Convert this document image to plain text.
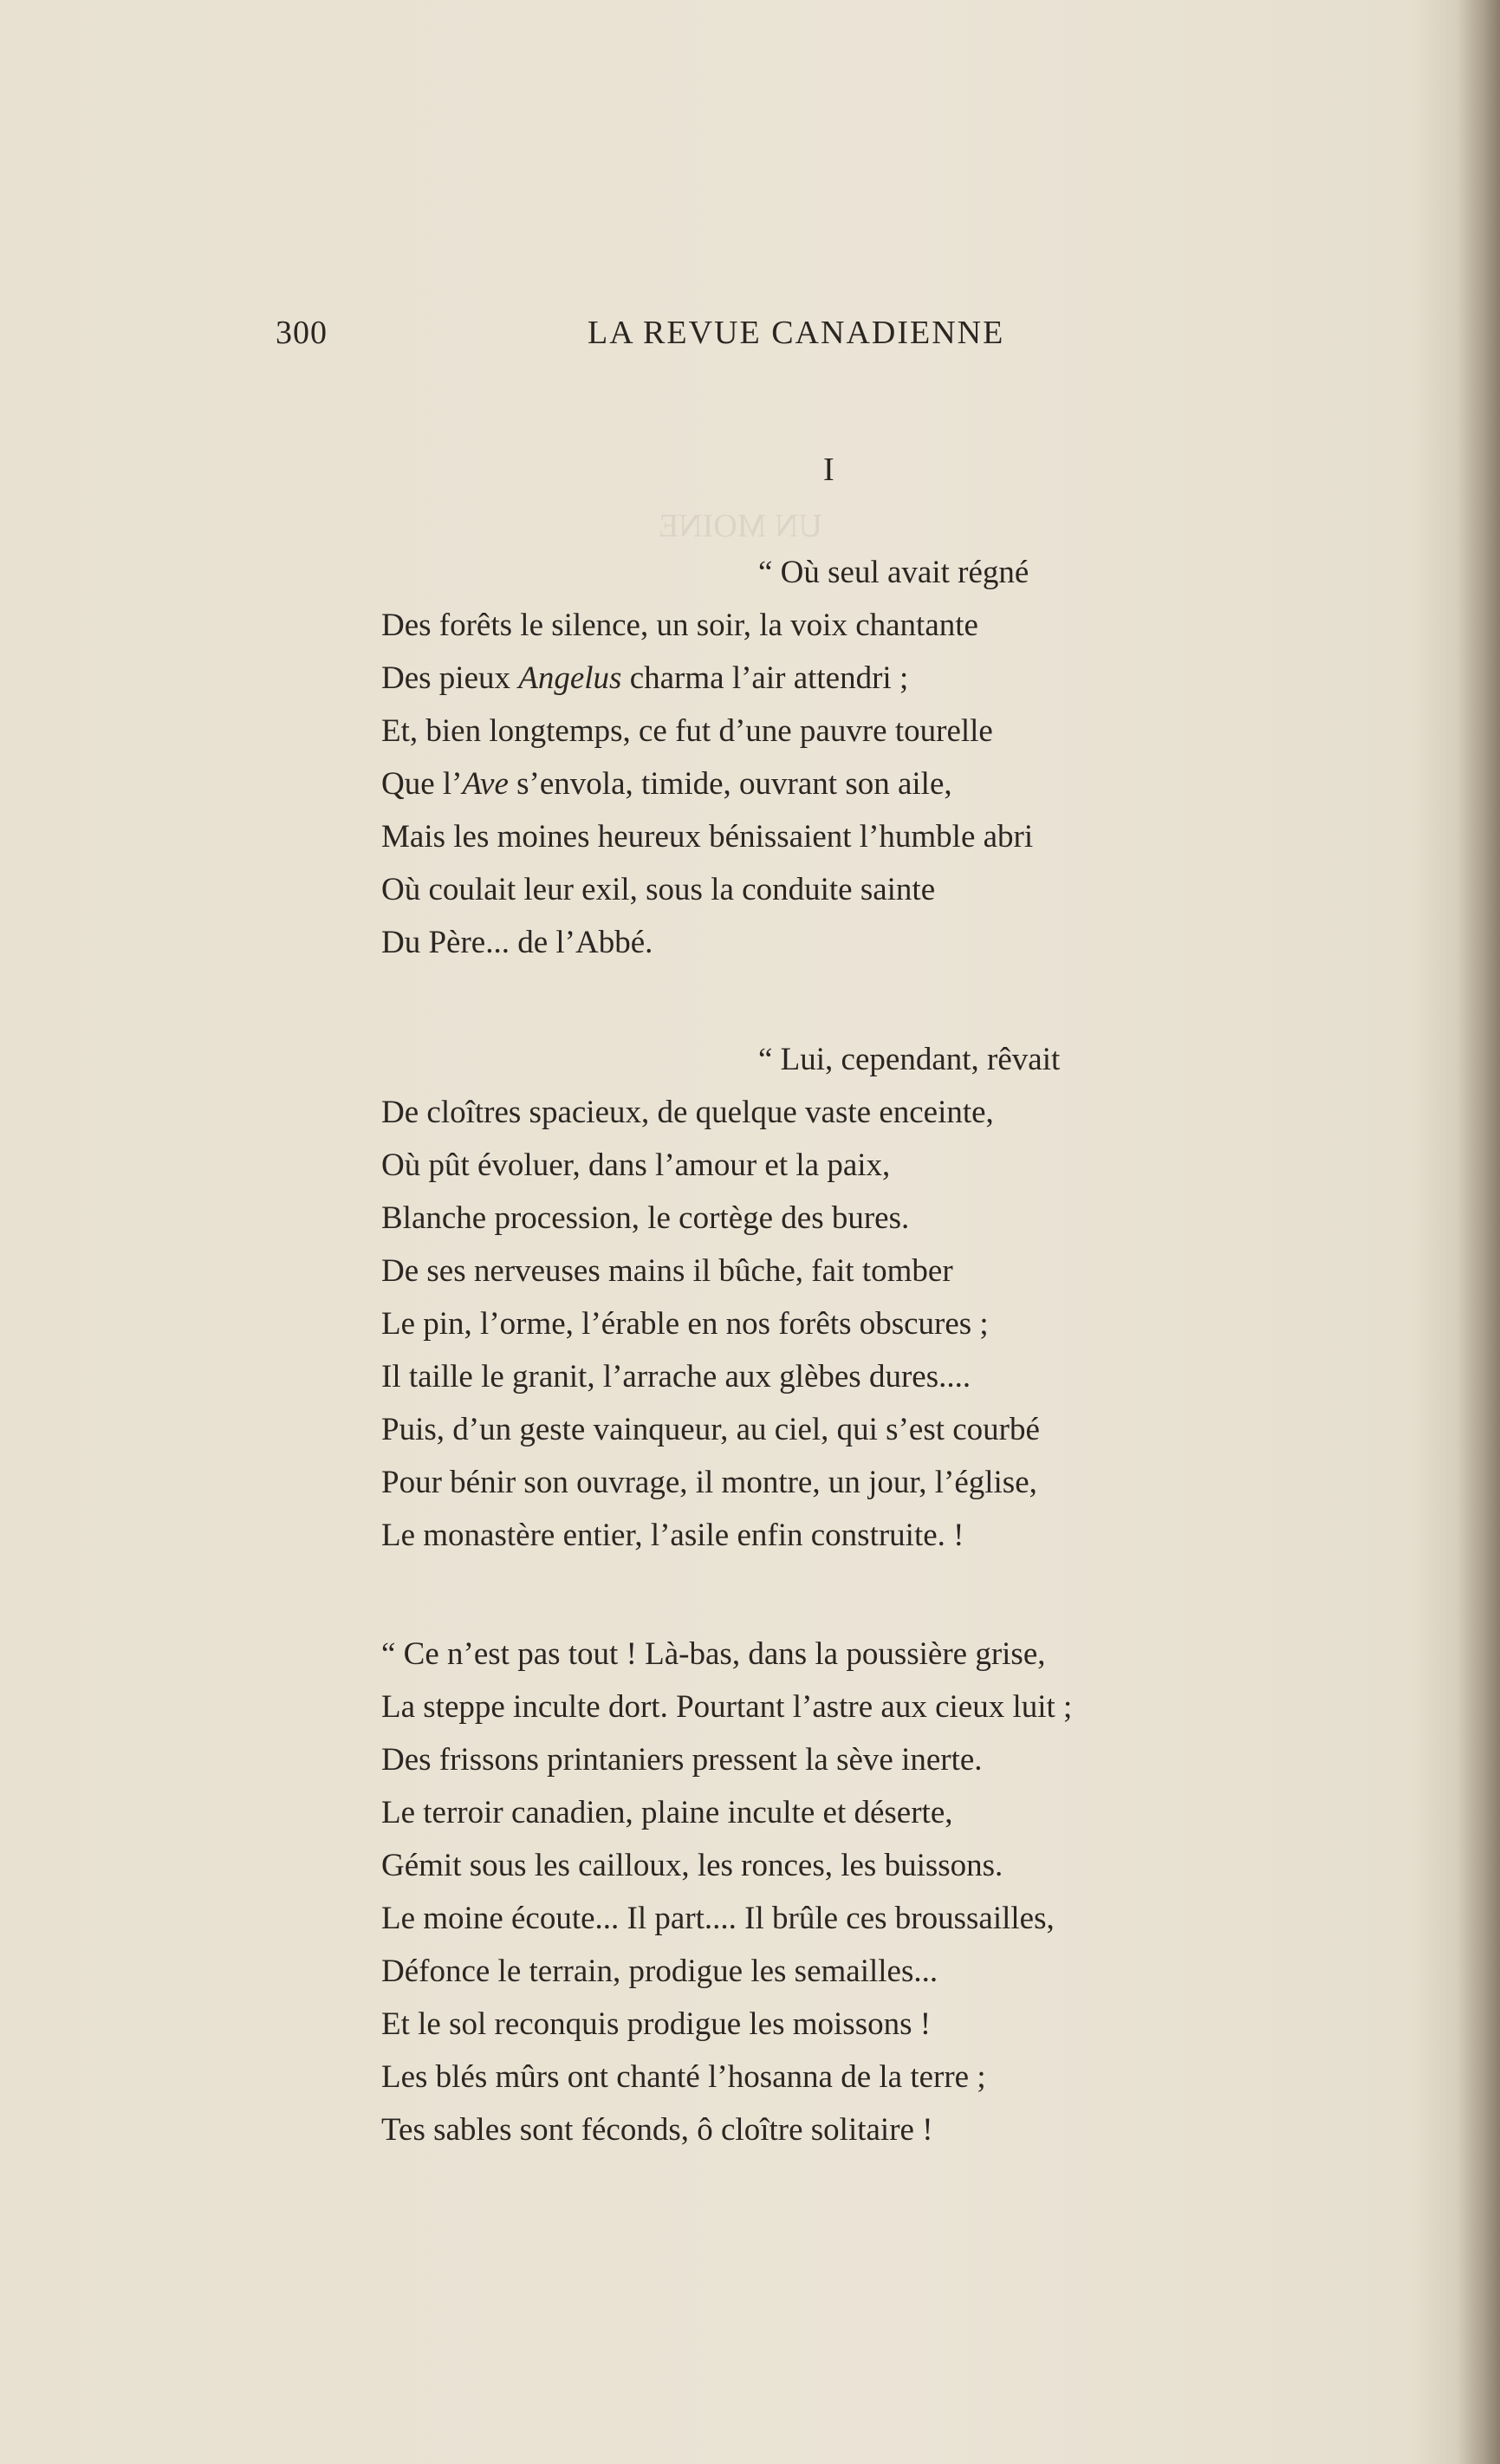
UN MOINE
300	LA REVUE CANADIENNE
I
“ Où seul avait régné
Des forêts le silence, un soir, la voix chantante
Des pieux Angelus charma l’air attendri ;
Et, bien longtemps, ce fut d’une pauvre tourelle
Que l’Ave s’envola, timide, ouvrant son aile,
Mais les moines heureux bénissaient l’humble abri
Où coulait leur exil, sous la conduite sainte
Du Père... de l’Abbé.
“ Lui, cependant, rêvait
De cloîtres spacieux, de quelque vaste enceinte,
Où pût évoluer, dans l’amour et la paix,
Blanche procession, le cortège des bures.
De ses nerveuses mains il bûche, fait tomber
Le pin, l’orme, l’érable en nos forêts obscures ;
Il taille le granit, l’arrache aux glèbes dures....
Puis, d’un geste vainqueur, au ciel, qui s’est courbé
Pour bénir son ouvrage, il montre, un jour, l’église,
Le monastère entier, l’asile enfin construite. !
“ Ce n’est pas tout ! Là-bas, dans la poussière grise,
La steppe inculte dort. Pourtant l’astre aux cieux luit ;
Des frissons printaniers pressent la sève inerte.
Le terroir canadien, plaine inculte et déserte,
Gémit sous les cailloux, les ronces, les buissons.
Le moine écoute... Il part.... Il brûle ces broussailles,
Défonce le terrain, prodigue les semailles...
Et le sol reconquis prodigue les moissons !
Les blés mûrs ont chanté l’hosanna de la terre ;
Tes sables sont féconds, ô cloître solitaire !
